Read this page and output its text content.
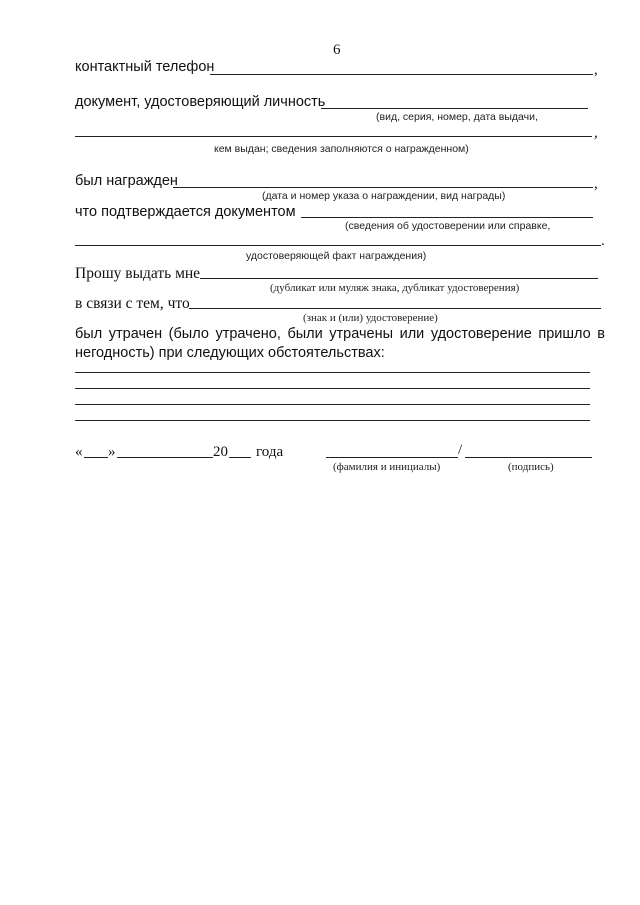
6
контактный телефон	,
документ, удостоверяющий личность
(вид, серия, номер, дата выдачи,
,
кем выдан; сведения заполняются о награжденном)
был награжден	,
(дата и номер указа о награждении, вид награды)
что подтверждается документом
(сведения об удостоверении или справке,
.
удостоверяющей факт награждения)
Прошу выдать мне
(дубликат или муляж знака, дубликат удостоверения)
в связи с тем, что
(знак и (или) удостоверение)
был утрачен (было утрачено, были утрачены или удостоверение пришло в негодность) при следующих обстоятельствах:
« »	20 года	/
(фамилия и инициалы)	(подпись)
